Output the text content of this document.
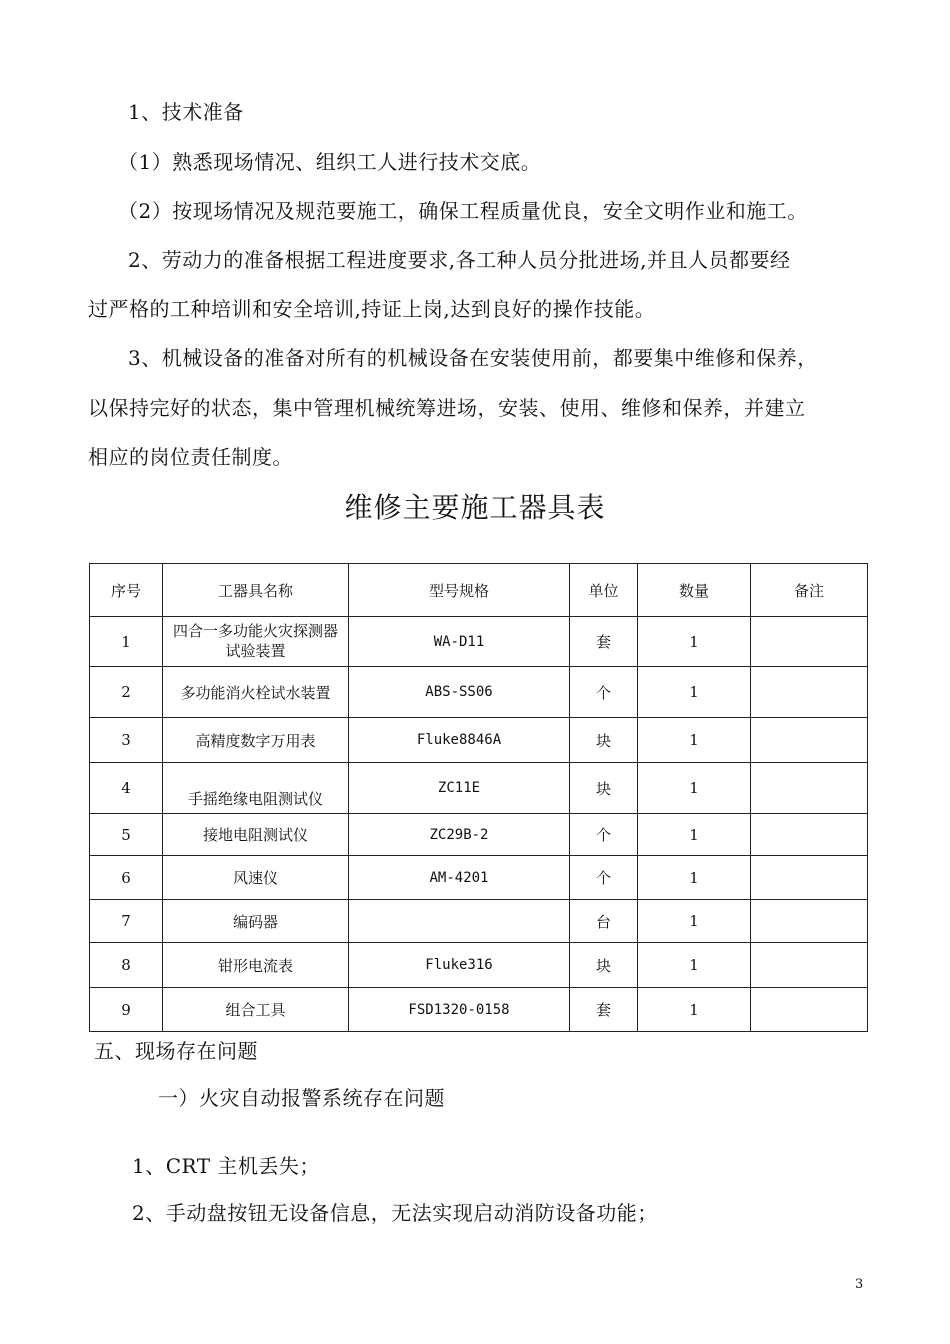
1、技术准备
（1）熟悉现场情况、组织工人进行技术交底。
（2）按现场情况及规范要施工，确保工程质量优良，安全文明作业和施工。
2、劳动力的准备根据工程进度要求,各工种人员分批进场,并且人员都要经
过严格的工种培训和安全培训,持证上岗,达到良好的操作技能。
3、机械设备的准备对所有的机械设备在安装使用前，都要集中维修和保养，
以保持完好的状态，集中管理机械统筹进场，安装、使用、维修和保养，并建立
相应的岗位责任制度。
维修主要施工器具表
序号	工器具名称	型号规格	单位	数量	备注
1	四合一多功能火灾探测器试验装置	WA-D11	套	1	
2	多功能消火栓试水装置	ABS-SS06	个	1	
3	高精度数字万用表	Fluke8846A	块	1	
4	手摇绝缘电阻测试仪	ZC11E	块	1	
5	接地电阻测试仪	ZC29B-2	个	1	
6	风速仪	AM-4201	个	1	
7	编码器		台	1	
8	钳形电流表	Fluke316	块	1	
9	组合工具	FSD1320-0158	套	1	
五、现场存在问题
一）火灾自动报警系统存在问题
1、CRT 主机丢失；
2、手动盘按钮无设备信息，无法实现启动消防设备功能；
3
